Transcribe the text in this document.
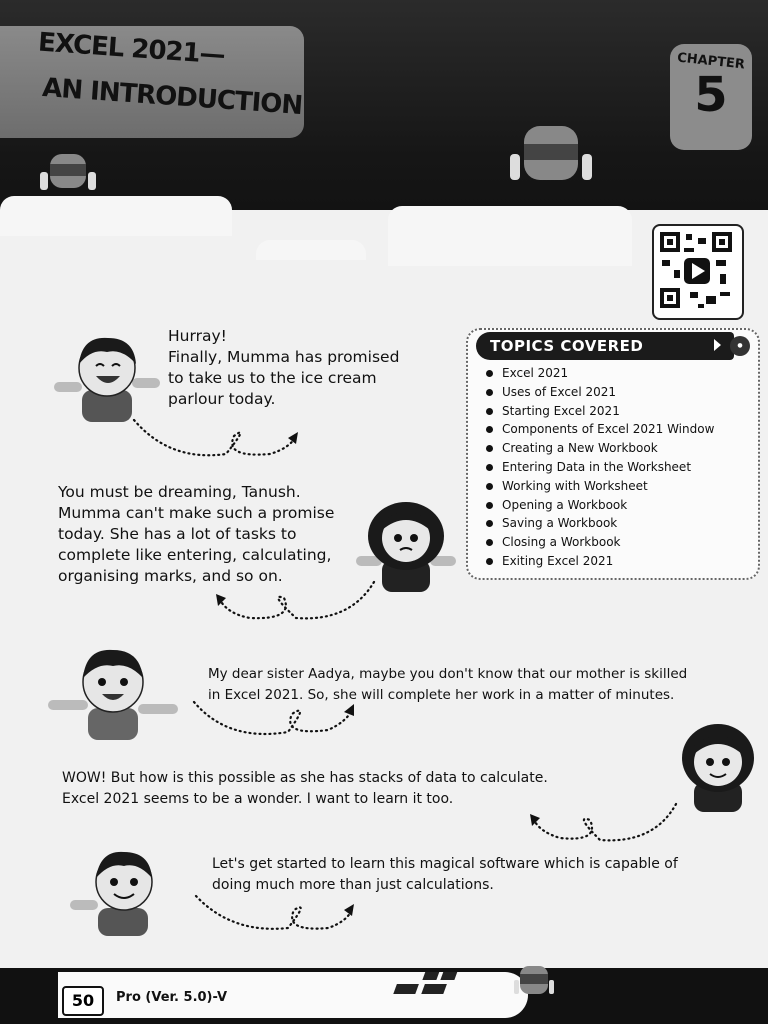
EXCEL 2021—
AN INTRODUCTION
CHAPTER
5
TOPICS COVERED	●
Excel 2021
Uses of Excel 2021
Starting Excel 2021
Components of Excel 2021 Window
Creating a New Workbook
Entering Data in the Worksheet
Working with Worksheet
Opening a Workbook
Saving a Workbook
Closing a Workbook
Exiting Excel 2021
Hurray!
Finally, Mumma has promised
to take us to the ice cream
parlour today.
You must be dreaming, Tanush.
Mumma can't make such a promise
today. She has a lot of tasks to
complete like entering, calculating,
organising marks, and so on.
My dear sister Aadya, maybe you don't know that our mother is skilled
in Excel 2021. So, she will complete her work in a matter of minutes.
WOW! But how is this possible as she has stacks of data to calculate.
Excel 2021 seems to be a wonder. I want to learn it too.
Let's get started to learn this magical software which is capable of
doing much more than just calculations.
50	Pro (Ver. 5.0)-V
